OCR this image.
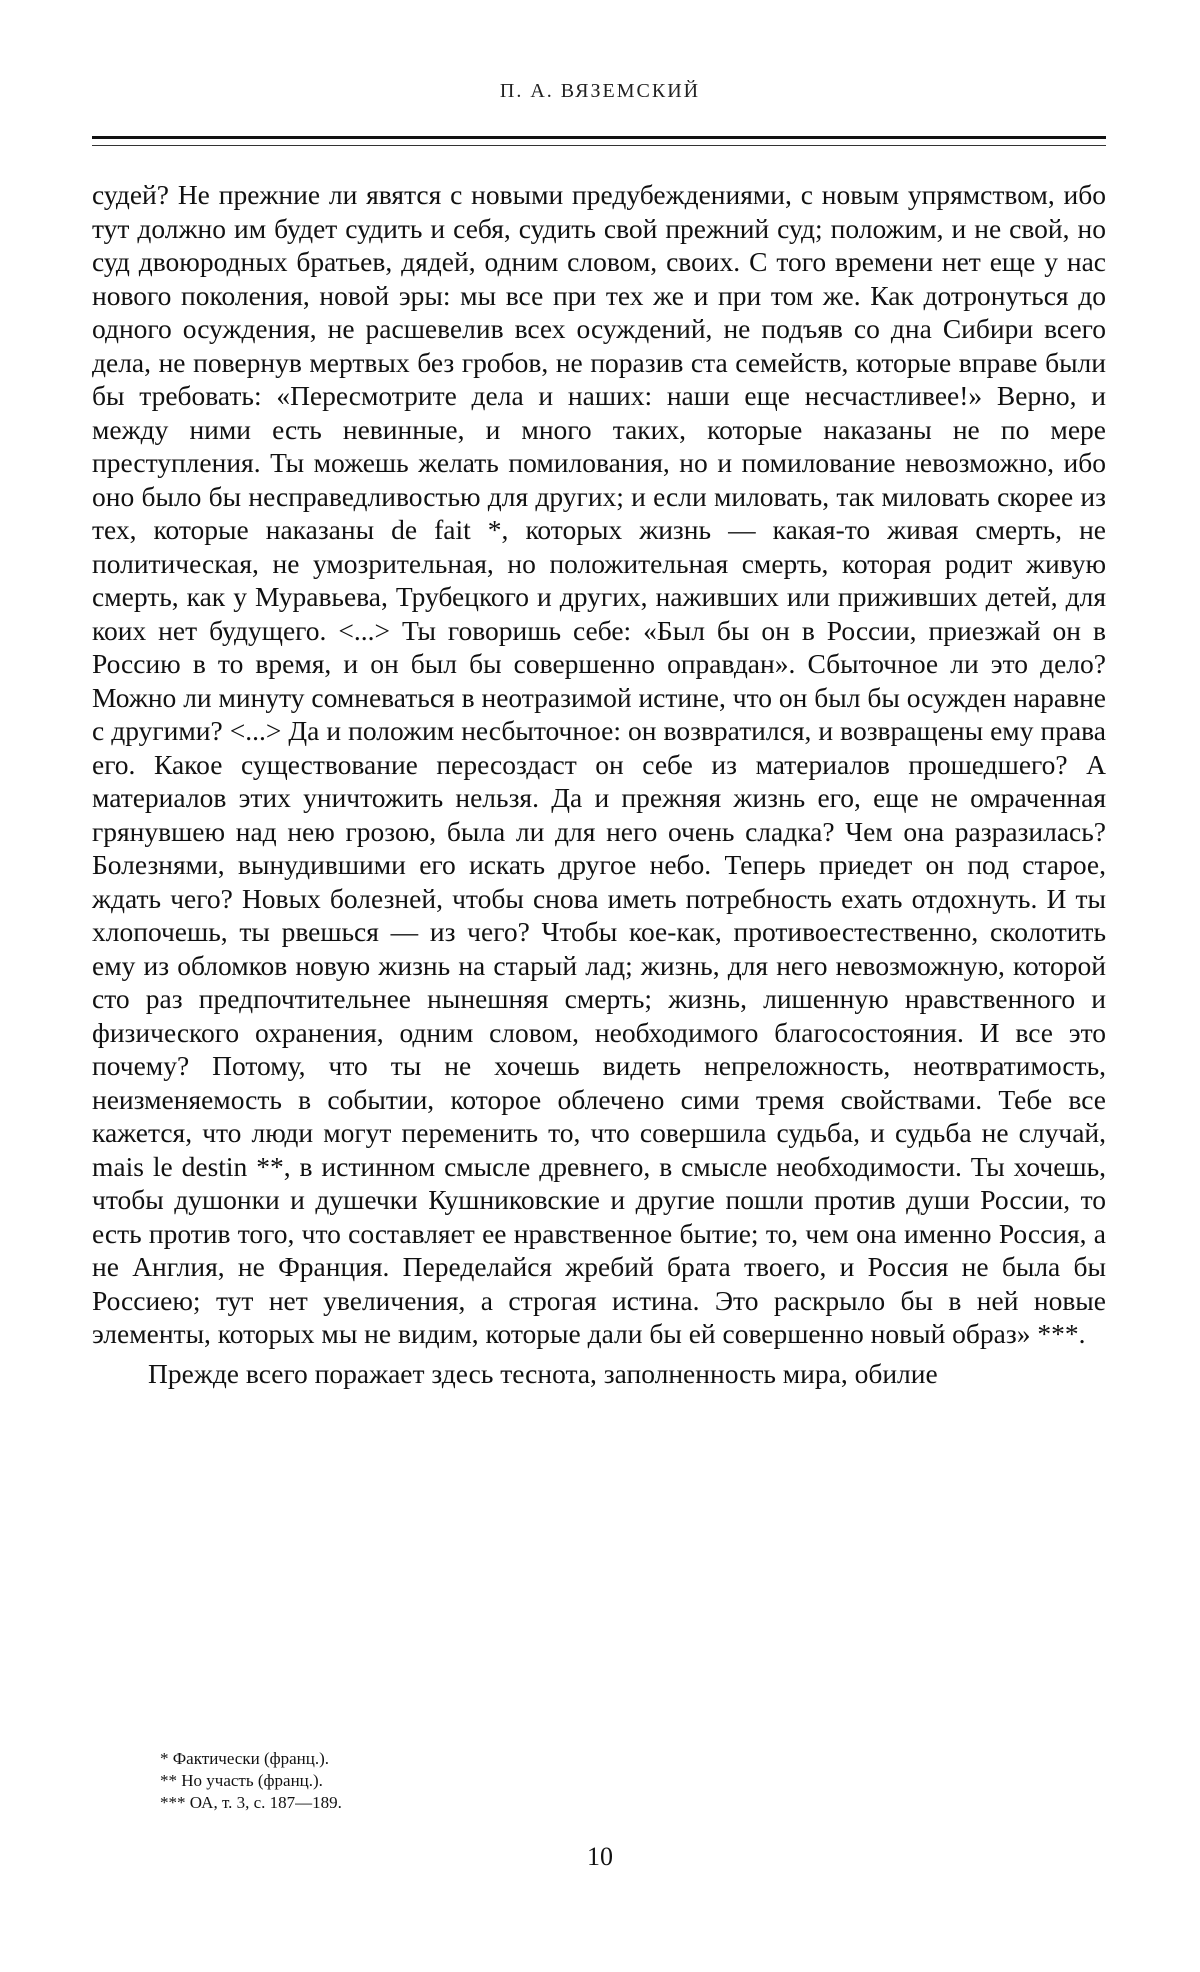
П. А. ВЯЗЕМСКИЙ

судей? Не прежние ли явятся с новыми предубеждениями, с новым упрямством, ибо тут должно им будет судить и себя, судить свой прежний суд; положим, и не свой, но суд двоюродных братьев, дядей, одним словом, своих. С того времени нет еще у нас нового поколения, новой эры: мы все при тех же и при том же. Как дотронуться до одного осуждения, не расшевелив всех осуждений, не подъяв со дна Сибири всего дела, не повернув мертвых без гробов, не поразив ста семейств, которые вправе были бы требовать: «Пересмотрите дела и наших: наши еще несчастливее!» Верно, и между ними есть невинные, и много таких, которые наказаны не по мере преступления. Ты можешь желать помилования, но и помилование невозможно, ибо оно было бы несправедливостью для других; и если миловать, так миловать скорее из тех, которые наказаны de fait *, которых жизнь — какая-то живая смерть, не политическая, не умозрительная, но положительная смерть, которая родит живую смерть, как у Муравьева, Трубецкого и других, наживших или приживших детей, для коих нет будущего. <...> Ты говоришь себе: «Был бы он в России, приезжай он в Россию в то время, и он был бы совершенно оправдан». Сбыточное ли это дело? Можно ли минуту сомневаться в неотразимой истине, что он был бы осужден наравне с другими? <...> Да и положим несбыточное: он возвратился, и возвращены ему права его. Какое существование пересоздаст он себе из материалов прошедшего? А материалов этих уничтожить нельзя. Да и прежняя жизнь его, еще не омраченная грянувшею над нею грозою, была ли для него очень сладка? Чем она разразилась? Болезнями, вынудившими его искать другое небо. Теперь приедет он под старое, ждать чего? Новых болезней, чтобы снова иметь потребность ехать отдохнуть. И ты хлопочешь, ты рвешься — из чего? Чтобы кое-как, противоестественно, сколотить ему из обломков новую жизнь на старый лад; жизнь, для него невозможную, которой сто раз предпочтительнее нынешняя смерть; жизнь, лишенную нравственного и физического охранения, одним словом, необходимого благосостояния. И все это почему? Потому, что ты не хочешь видеть непреложность, неотвратимость, неизменяемость в событии, которое облечено сими тремя свойствами. Тебе все кажется, что люди могут переменить то, что совершила судьба, и судьба не случай, mais le destin **, в истинном смысле древнего, в смысле необходимости. Ты хочешь, чтобы душонки и душечки Кушниковские и другие пошли против души России, то есть против того, что составляет ее нравственное бытие; то, чем она именно Россия, а не Англия, не Франция. Переделайся жребий брата твоего, и Россия не была бы Россиею; тут нет увеличения, а строгая истина. Это раскрыло бы в ней новые элементы, которых мы не видим, которые дали бы ей совершенно новый образ» ***.

Прежде всего поражает здесь теснота, заполненность мира, обилие

* Фактически (франц.).
** Но участь (франц.).
*** ОА, т. 3, с. 187—189.
10
